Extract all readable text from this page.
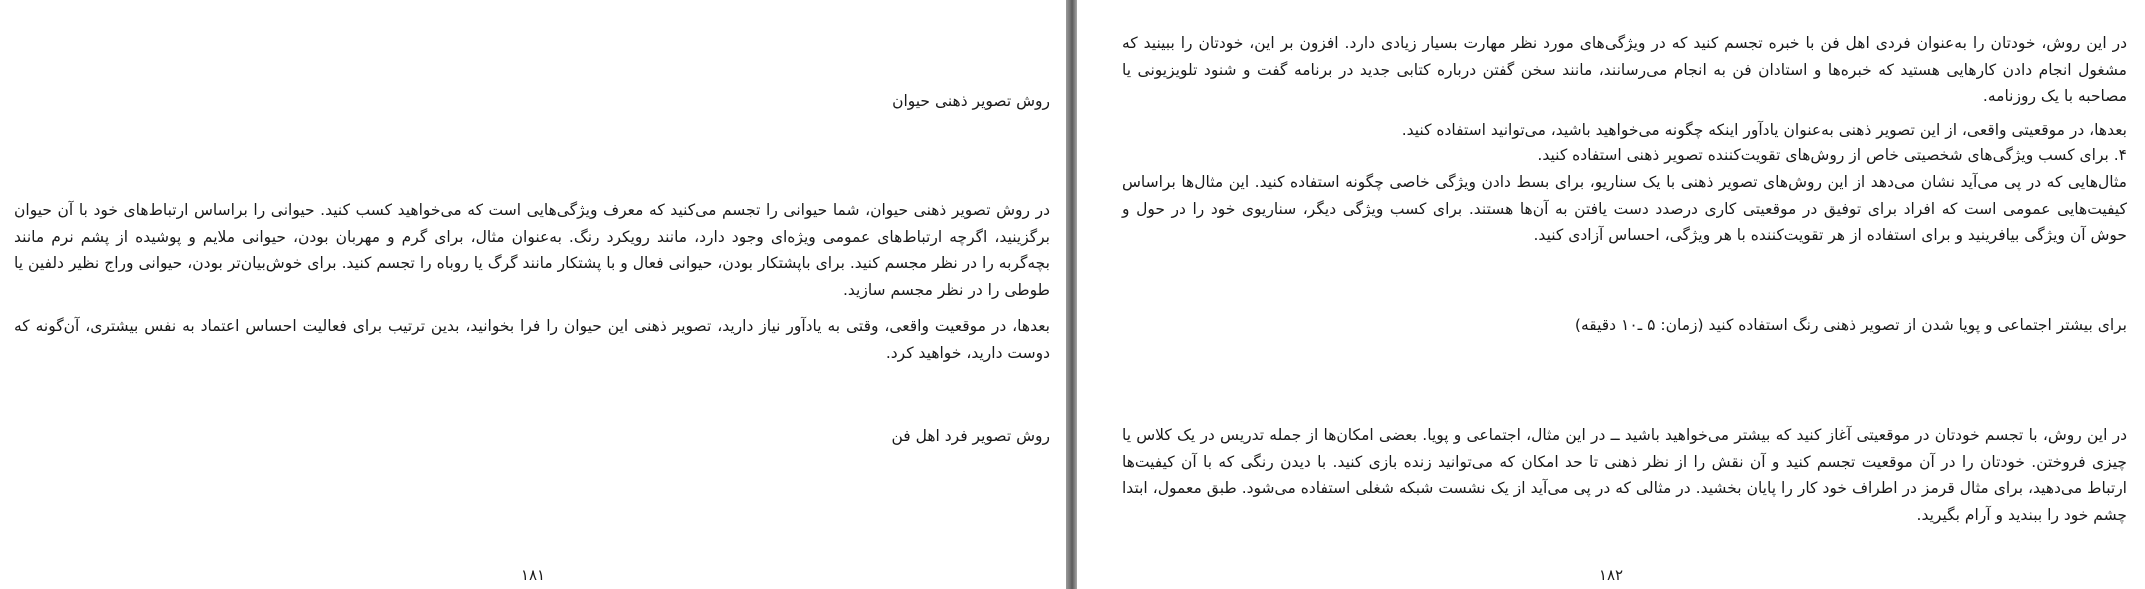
روش تصویر ذهنی حیوان

در روش تصویر ذهنی حیوان، شما حیوانی را تجسم می‌کنید که معرف ویژگی‌هایی است که می‌خواهید کسب کنید. حیوانی را براساس ارتباط‌های خود با آن حیوان برگزینید، اگرچه ارتباط‌های عمومی ویژه‌ای وجود دارد، مانند رویکرد رنگ. به‌عنوان مثال، برای گرم و مهربان بودن، حیوانی ملایم و پوشیده از پشم نرم مانند بچه‌گربه را در نظر مجسم کنید. برای باپشتکار بودن، حیوانی فعال و با پشتکار مانند گرگ یا روباه را تجسم کنید. برای خوش‌بیان‌تر بودن، حیوانی وراج نظیر دلفین یا طوطی را در نظر مجسم سازید.

بعدها، در موقعیت واقعی، وقتی به یادآور نیاز دارید، تصویر ذهنی این حیوان را فرا بخوانید، بدین ترتیب برای فعالیت احساس اعتماد به نفس بیشتری، آن‌گونه که دوست دارید، خواهید کرد.

روش تصویر فرد اهل فن

۱۸۱

در این روش، خودتان را به‌عنوان فردی اهل فن با خبره تجسم کنید که در ویژگی‌های مورد نظر مهارت بسیار زیادی دارد. افزون بر این، خودتان را ببینید که مشغول انجام دادن کارهایی هستید که خبره‌ها و استادان فن به انجام می‌رسانند، مانند سخن گفتن درباره کتابی جدید در برنامه گفت و شنود تلویزیونی یا مصاحبه با یک روزنامه.

بعدها، در موقعیتی واقعی، از این تصویر ذهنی به‌عنوان یادآور اینکه چگونه می‌خواهید باشید، می‌توانید استفاده کنید.

۴. برای کسب ویژگی‌های شخصیتی خاص از روش‌های تقویت‌کننده تصویر ذهنی استفاده کنید.

مثال‌هایی که در پی می‌آید نشان می‌دهد از این روش‌های تصویر ذهنی با یک سناریو، برای بسط دادن ویژگی خاصی چگونه استفاده کنید. این مثال‌ها براساس کیفیت‌هایی عمومی است که افراد برای توفیق در موقعیتی کاری درصدد دست یافتن به آن‌ها هستند. برای کسب ویژگی دیگر، سناریوی خود را در حول و حوش آن ویژگی بیافرینید و برای استفاده از هر تقویت‌کننده با هر ویژگی، احساس آزادی کنید.

برای بیشتر اجتماعی و پویا شدن از تصویر ذهنی رنگ استفاده کنید (زمان: ۵ ـ۱۰ دقیقه)

در این روش، با تجسم خودتان در موقعیتی آغاز کنید که بیشتر می‌خواهید باشید ــ در این مثال، اجتماعی و پویا. بعضی امکان‌ها از جمله تدریس در یک کلاس یا چیزی فروختن. خودتان را در آن موقعیت تجسم کنید و آن نقش را از نظر ذهنی تا حد امکان که می‌توانید زنده بازی کنید. با دیدن رنگی که با آن کیفیت‌ها ارتباط می‌دهید، برای مثال قرمز در اطراف خود کار را پایان بخشید. در مثالی که در پی می‌آید از یک نشست شبکه شغلی استفاده می‌شود. طبق معمول، ابتدا چشم خود را ببندید و آرام بگیرید.

۱۸۲
